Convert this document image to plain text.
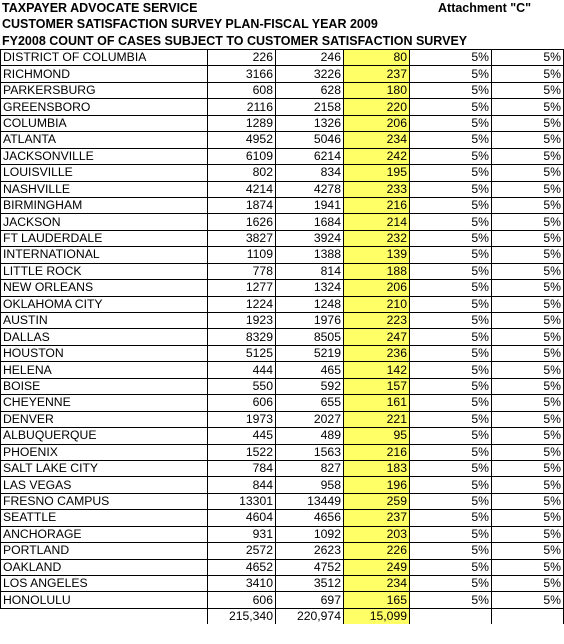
TAXPAYER ADVOCATE SERVICE	Attachment "C"
CUSTOMER SATISFACTION SURVEY PLAN-FISCAL YEAR 2009
FY2008 COUNT OF CASES SUBJECT TO CUSTOMER SATISFACTION SURVEY
DISTRICT OF COLUMBIA	226	246	80	5%	5%
RICHMOND	3166	3226	237	5%	5%
PARKERSBURG	608	628	180	5%	5%
GREENSBORO	2116	2158	220	5%	5%
COLUMBIA	1289	1326	206	5%	5%
ATLANTA	4952	5046	234	5%	5%
JACKSONVILLE	6109	6214	242	5%	5%
LOUISVILLE	802	834	195	5%	5%
NASHVILLE	4214	4278	233	5%	5%
BIRMINGHAM	1874	1941	216	5%	5%
JACKSON	1626	1684	214	5%	5%
FT LAUDERDALE	3827	3924	232	5%	5%
INTERNATIONAL	1109	1388	139	5%	5%
LITTLE ROCK	778	814	188	5%	5%
NEW ORLEANS	1277	1324	206	5%	5%
OKLAHOMA CITY	1224	1248	210	5%	5%
AUSTIN	1923	1976	223	5%	5%
DALLAS	8329	8505	247	5%	5%
HOUSTON	5125	5219	236	5%	5%
HELENA	444	465	142	5%	5%
BOISE	550	592	157	5%	5%
CHEYENNE	606	655	161	5%	5%
DENVER	1973	2027	221	5%	5%
ALBUQUERQUE	445	489	95	5%	5%
PHOENIX	1522	1563	216	5%	5%
SALT LAKE CITY	784	827	183	5%	5%
LAS VEGAS	844	958	196	5%	5%
FRESNO CAMPUS	13301	13449	259	5%	5%
SEATTLE	4604	4656	237	5%	5%
ANCHORAGE	931	1092	203	5%	5%
PORTLAND	2572	2623	226	5%	5%
OAKLAND	4652	4752	249	5%	5%
LOS ANGELES	3410	3512	234	5%	5%
HONOLULU	606	697	165	5%	5%
	215,340	220,974	15,099		
